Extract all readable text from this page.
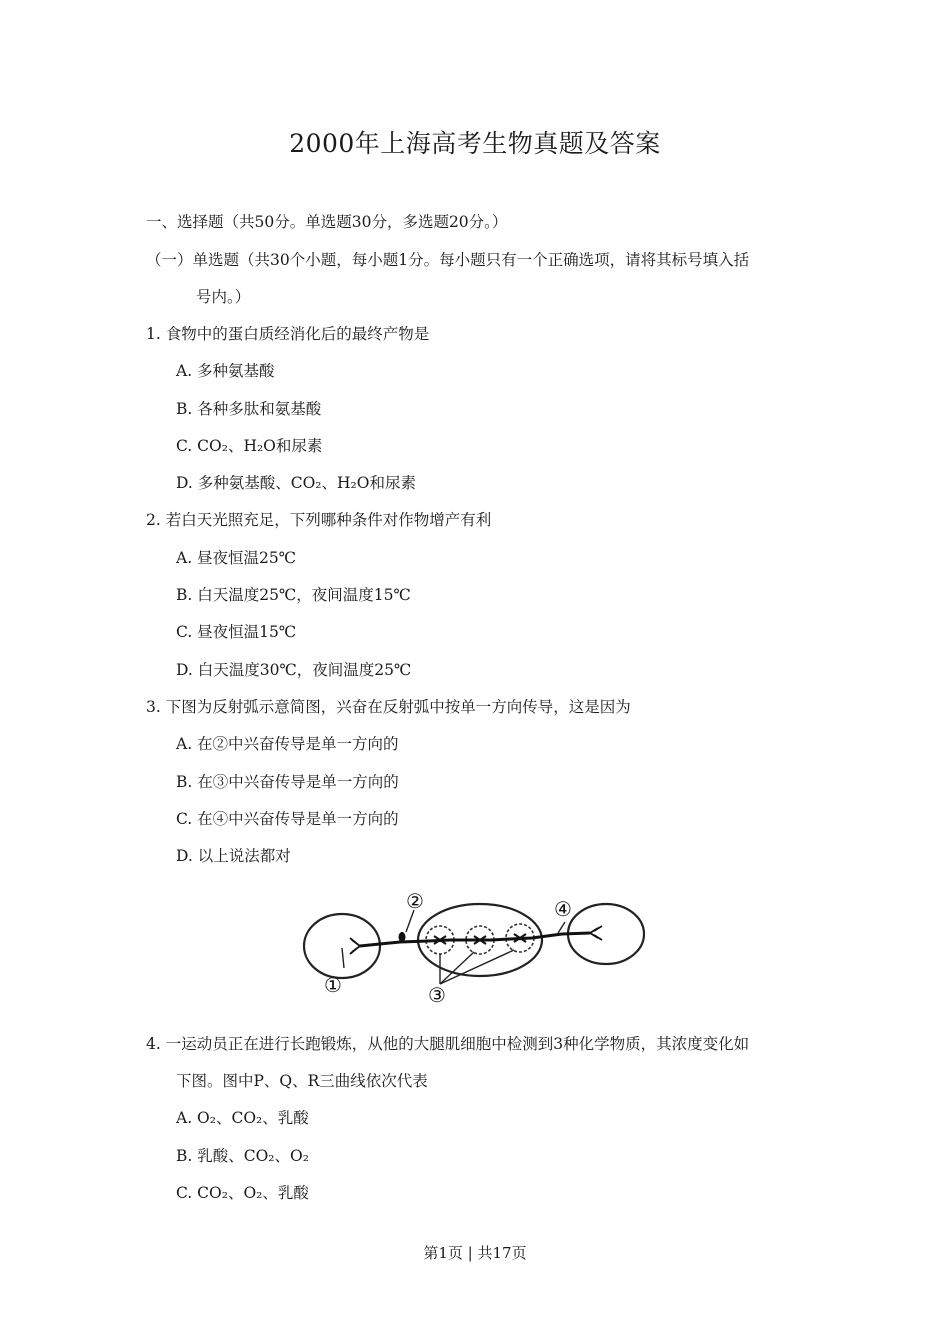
2000年上海高考生物真题及答案
一、选择题（共50分。单选题30分，多选题20分。）
（一）单选题（共30个小题，每小题1分。每小题只有一个正确选项，请将其标号填入括
号内。）
1. 食物中的蛋白质经消化后的最终产物是
A. 多种氨基酸
B. 各种多肽和氨基酸
C. CO₂、H₂O和尿素
D. 多种氨基酸、CO₂、H₂O和尿素
2. 若白天光照充足，下列哪种条件对作物增产有利
A. 昼夜恒温25℃
B. 白天温度25℃，夜间温度15℃
C. 昼夜恒温15℃
D. 白天温度30℃，夜间温度25℃
3. 下图为反射弧示意简图，兴奋在反射弧中按单一方向传导，这是因为
A. 在②中兴奋传导是单一方向的
B. 在③中兴奋传导是单一方向的
C. 在④中兴奋传导是单一方向的
D. 以上说法都对
②
①
④
③
4. 一运动员正在进行长跑锻炼，从他的大腿肌细胞中检测到3种化学物质，其浓度变化如
下图。图中P、Q、R三曲线依次代表
A. O₂、CO₂、乳酸
B. 乳酸、CO₂、O₂
C. CO₂、O₂、乳酸
第1页 | 共17页
